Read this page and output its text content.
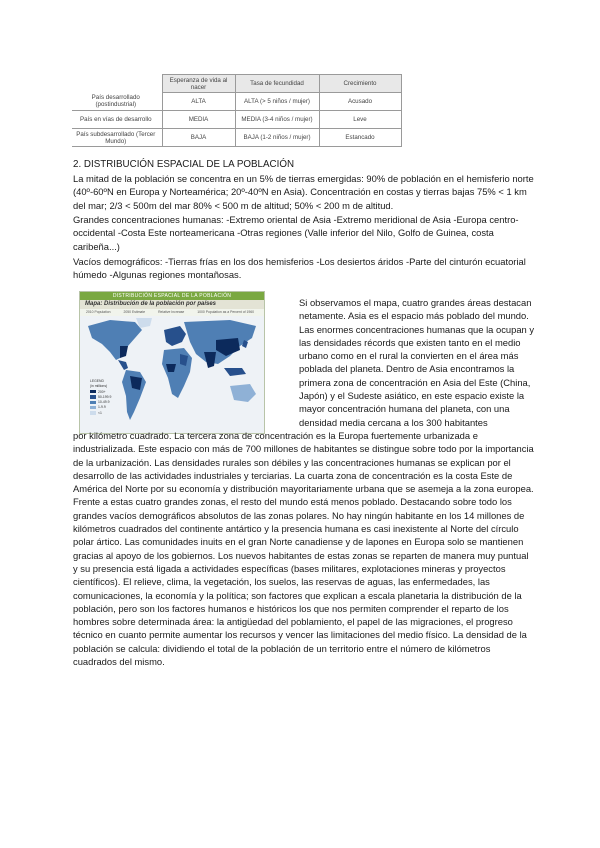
	Esperanza de vida al nacer	Tasa de fecundidad	Crecimiento
País desarrollado (postindustrial)	ALTA	ALTA (> 5 niños / mujer)	Acusado
País en vías de desarrollo	MEDIA	MEDIA (3-4 niños / mujer)	Leve
País subdesarrollado (Tercer Mundo)	BAJA	BAJA (1-2 niños / mujer)	Estancado
2. DISTRIBUCIÓN ESPACIAL DE LA POBLACIÓN
La mitad de la población se concentra en un 5% de tierras emergidas: 90% de población en el hemisferio norte (40º-60ºN en Europa y Norteamérica; 20º-40ºN en Asia). Concentración en costas y tierras bajas 75% < 1 km del mar; 2/3 < 500m del mar 80% < 500 m de altitud; 50% < 200 m de altitud.
Grandes concentraciones humanas: -Extremo oriental de Asia -Extremo meridional de Asia -Europa centro-occidental -Costa Este norteamericana -Otras regiones (Valle inferior del Nilo, Golfo de Guinea, costa caribeña...)
Vacíos demográficos: -Tierras frías en los dos hemisferios -Los desiertos áridos -Parte del cinturón ecuatorial húmedo -Algunas regiones montañosas.
DISTRIBUCIÓN ESPACIAL DE LA POBLACIÓN
Mapa: Distribución de la población por países
2010 Population	2050 Estimate	Relative Increase	1000 Population as a Percent of 1960
LEGEND
(in millions)
200+
50-199.9
10-49.9
1-9.9
<1
Si observamos el mapa, cuatro grandes áreas destacan netamente. Asia es el espacio más poblado del mundo. Las enormes concentraciones humanas que la ocupan y las densidades récords que existen tanto en el medio urbano como en el rural la convierten en el área más poblada del planeta. Dentro de Asia encontramos la primera zona de concentración en Asia del Este (China, Japón) y el Sudeste asiático, en este espacio existe la mayor concentración humana del planeta, con una densidad media cercana a los 300 habitantes
por kilómetro cuadrado. La tercera zona de concentración es la Europa fuertemente urbanizada e industrializada. Este espacio con más de 700 millones de habitantes se distingue sobre todo por la importancia de la urbanización. Las densidades rurales son débiles y las concentraciones humanas se explican por el desarrollo de las actividades industriales y terciarias. La cuarta zona de concentración es la costa Este de América del Norte por su economía y distribución mayoritariamente urbana que se asemeja a la zona europea. Frente a estas cuatro grandes zonas, el resto del mundo está menos poblado. Destacando sobre todo los grandes vacíos demográficos absolutos de las zonas polares. No hay ningún habitante en los 14 millones de kilómetros cuadrados del continente antártico y la presencia humana es casi inexistente al Norte del círculo polar ártico. Las comunidades inuits en el gran Norte canadiense y de lapones en Europa solo se mantienen gracias al apoyo de los gobiernos. Los nuevos habitantes de estas zonas se reparten de manera muy puntual y su presencia está ligada a actividades específicas (bases militares, explotaciones mineras y proyectos científicos). El relieve, clima, la vegetación, los suelos, las reservas de aguas, las enfermedades, las comunicaciones, la economía y la política; son factores que explican a escala planetaria la distribución de la población, pero son los factores humanos e históricos los que nos permiten comprender el reparto de los hombres sobre determinada área: la antigüedad del poblamiento, el papel de las migraciones, el progreso técnico en cuanto permite aumentar los recursos y vencer las limitaciones del medio físico. La densidad de la población se calcula: dividiendo el total de la población de un territorio entre el número de kilómetros cuadrados del mismo.
